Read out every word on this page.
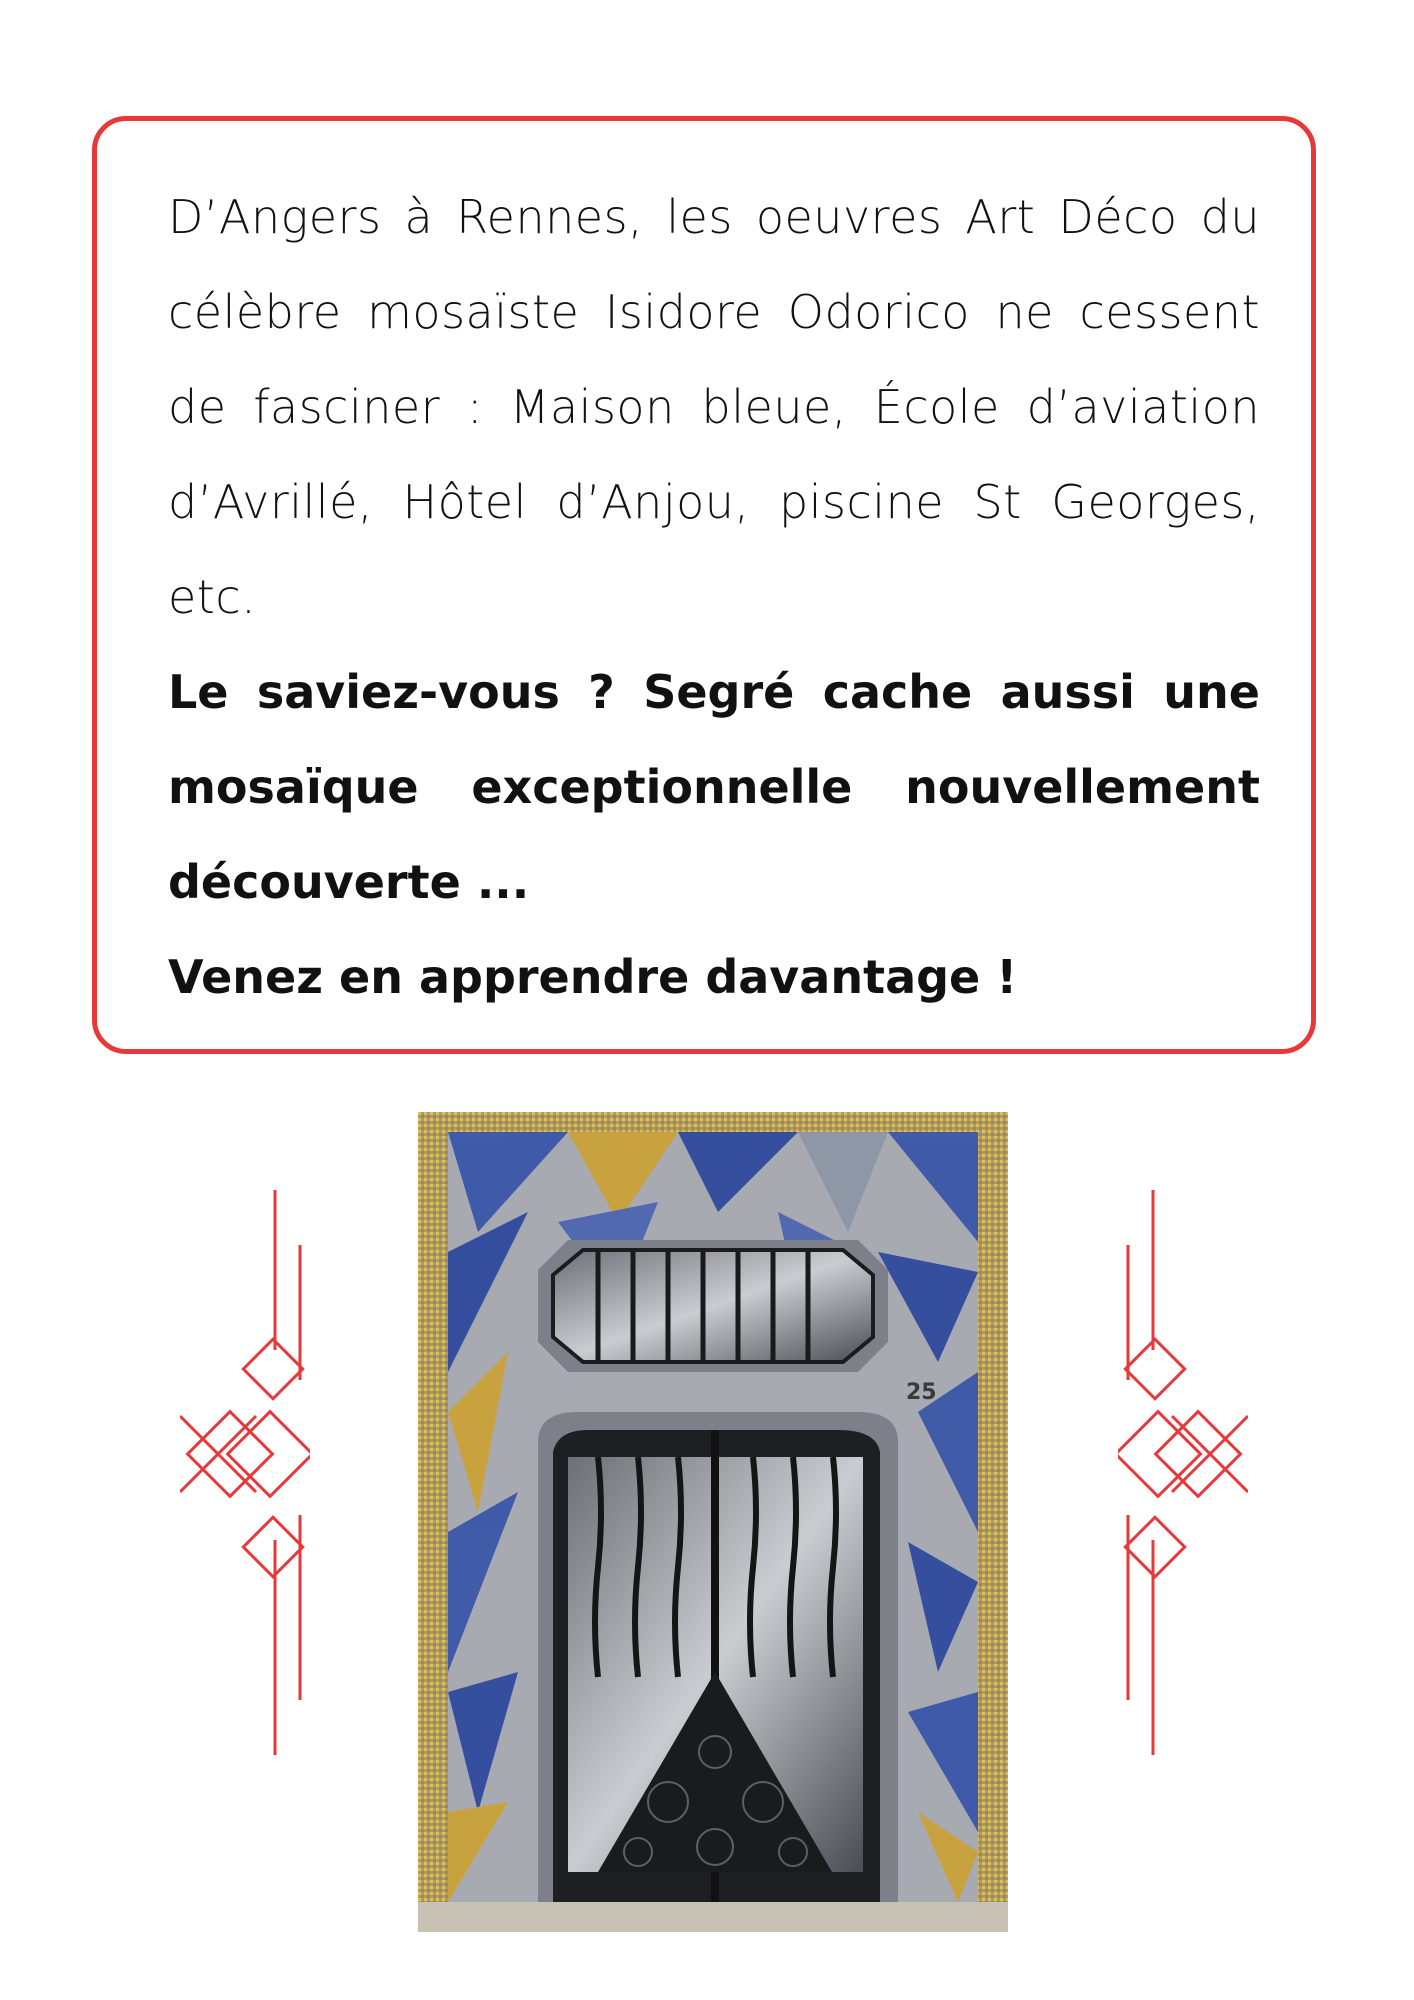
D’Angers à Rennes, les oeuvres Art Déco du célèbre mosaïste Isidore Odorico ne cessent de fasciner : Maison bleue, École d’aviation d’Avrillé, Hôtel d’Anjou, piscine St Georges, etc.

Le saviez-vous ? Segré cache aussi une mosaïque exceptionnelle nouvellement découverte ...

Venez en apprendre davantage !

25
